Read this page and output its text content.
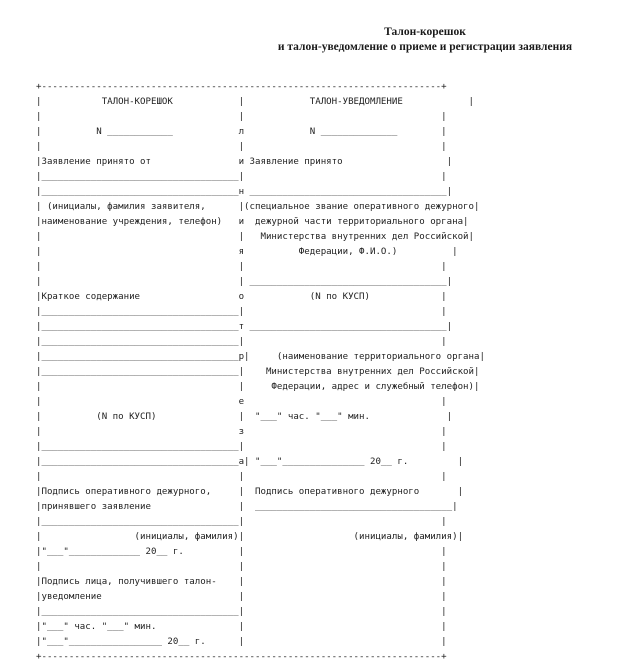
Талон-корешок
и талон-уведомление о приеме и регистрации заявления
+-------------------------------------------------------------------------+
|           ТАЛОН-КОРЕШОК            |            ТАЛОН-УВЕДОМЛЕНИЕ            |
|                                    |                                    |
|          N ____________            л            N ______________        |
|                                    |                                    |
|Заявление принято от                и Заявление принято                   |
|____________________________________|                                    |
|____________________________________н ____________________________________|
| (инициалы, фамилия заявителя,      |(специальное звание оперативного дежурного|
|наименование учреждения, телефон)   и  дежурной части территориального органа|
|                                    |   Министерства внутренних дел Российской|
|                                    я          Федерации, Ф.И.О.)          |
|                                    |                                    |
|                                    | ____________________________________|
|Краткое содержание                  о            (N по КУСП)             |
|____________________________________|                                    |
|____________________________________т ____________________________________|
|____________________________________|                                    |
|____________________________________р|     (наименование территориального органа|
|____________________________________|    Министерства внутренних дел Российской|
|                                    |     Федерации, адрес и служебный телефон)|
|                                    е                                    |
|          (N по КУСП)               |  "___" час. "___" мин.              |
|                                    з                                    |
|____________________________________|                                    |
|____________________________________а| "___"_______________ 20__ г.         |
|                                    |                                    |
|Подпись оперативного дежурного,     |  Подпись оперативного дежурного       |
|принявшего заявление                |  ____________________________________|
|____________________________________|                                    |
|                 (инициалы, фамилия)|                    (инициалы, фамилия)|
|"___"_____________ 20__ г.          |                                    |
|                                    |                                    |
|Подпись лица, получившего талон-    |                                    |
|уведомление                         |                                    |
|____________________________________|                                    |
|"___" час. "___" мин.               |                                    |
|"___"_________________ 20__ г.      |                                    |
+-------------------------------------------------------------------------+
